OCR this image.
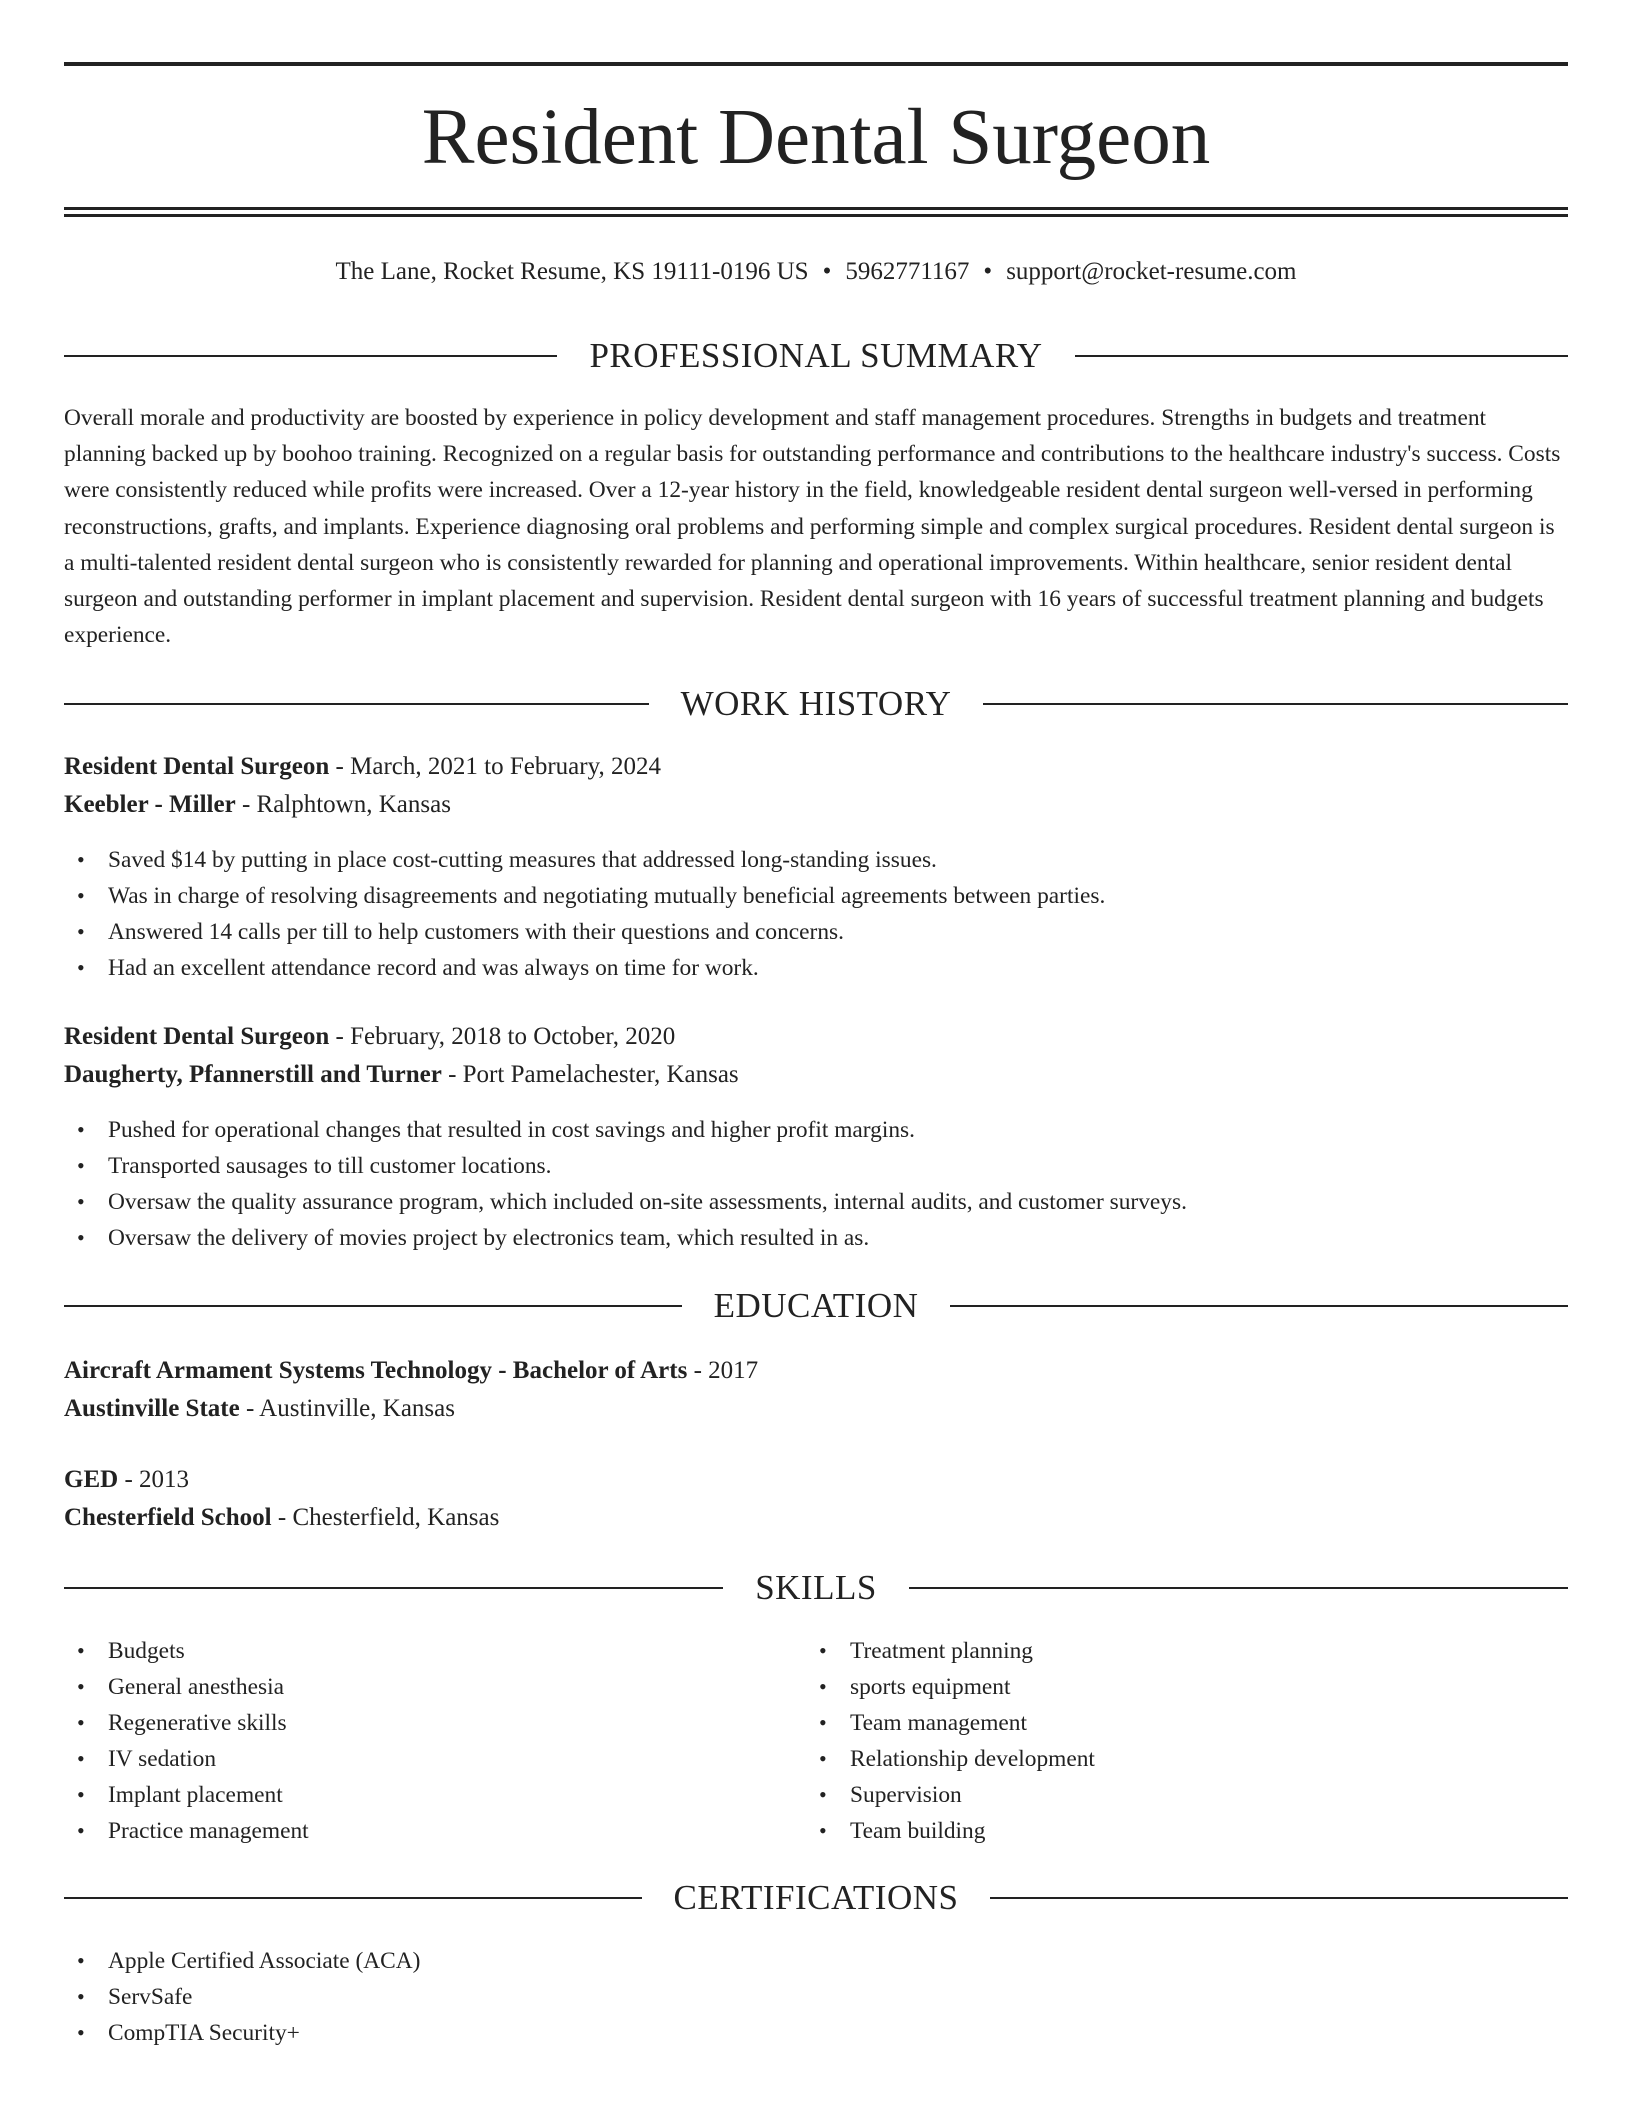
Resident Dental Surgeon
The Lane, Rocket Resume, KS 19111-0196 US • 5962771167 • support@rocket-resume.com
PROFESSIONAL SUMMARY

Overall morale and productivity are boosted by experience in policy development and staff management procedures. Strengths in budgets and treatment planning backed up by boohoo training. Recognized on a regular basis for outstanding performance and contributions to the healthcare industry's success. Costs were consistently reduced while profits were increased. Over a 12-year history in the field, knowledgeable resident dental surgeon well-versed in performing reconstructions, grafts, and implants. Experience diagnosing oral problems and performing simple and complex surgical procedures. Resident dental surgeon is a multi-talented resident dental surgeon who is consistently rewarded for planning and operational improvements. Within healthcare, senior resident dental surgeon and outstanding performer in implant placement and supervision. Resident dental surgeon with 16 years of successful treatment planning and budgets experience.

WORK HISTORY
Resident Dental Surgeon - March, 2021 to February, 2024
Keebler - Miller - Ralphtown, Kansas
• Saved $14 by putting in place cost-cutting measures that addressed long-standing issues.
• Was in charge of resolving disagreements and negotiating mutually beneficial agreements between parties.
• Answered 14 calls per till to help customers with their questions and concerns.
• Had an excellent attendance record and was always on time for work.
Resident Dental Surgeon - February, 2018 to October, 2020
Daugherty, Pfannerstill and Turner - Port Pamelachester, Kansas
• Pushed for operational changes that resulted in cost savings and higher profit margins.
• Transported sausages to till customer locations.
• Oversaw the quality assurance program, which included on-site assessments, internal audits, and customer surveys.
• Oversaw the delivery of movies project by electronics team, which resulted in as.
EDUCATION
Aircraft Armament Systems Technology - Bachelor of Arts - 2017
Austinville State - Austinville, Kansas
GED - 2013
Chesterfield School - Chesterfield, Kansas
SKILLS
• Budgets
• General anesthesia
• Regenerative skills
• IV sedation
• Implant placement
• Practice management
• Treatment planning
• sports equipment
• Team management
• Relationship development
• Supervision
• Team building
CERTIFICATIONS
• Apple Certified Associate (ACA)
• ServSafe
• CompTIA Security+
